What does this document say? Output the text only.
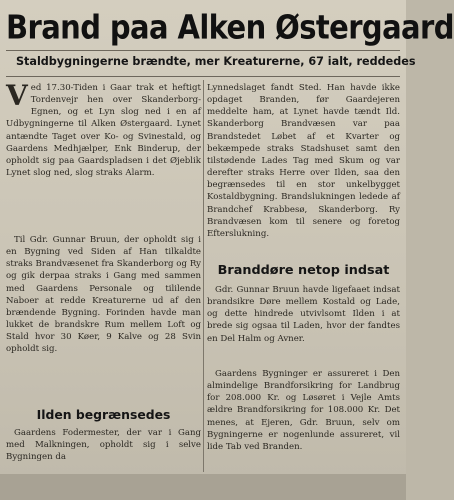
Brand paa Alken Østergaard
Staldbygningerne brændte, mer Kreaturerne, 67 ialt, reddedes

Ved 17.30-Tiden i Gaar trak et heftigt Tordenvejr hen over Skanderborg-Egnen, og et Lyn slog ned i en af Udbygningerne til Alken Østergaard. Lynet antændte Taget over Ko- og Svinestald, og Gaardens Medhjælper, Enk Binderup, der opholdt sig paa Gaardspladsen i det Øjeblik Lynet slog ned, slog straks Alarm.

Til Gdr. Gunnar Bruun, der opholdt sig i en Bygning ved Siden af Han tilkaldte straks Brandvæsenet fra Skanderborg og Ry og gik derpaa straks i Gang med sammen med Gaardens Personale og tililende Naboer at redde Kreaturerne ud af den brændende Bygning. Forinden havde man lukket de brandskre Rum mellem Loft og Stald hvor 30 Køer, 9 Kalve og 28 Svin opholdt sig.

Ilden begrænsedes

Gaardens Fodermester, der var i Gang med Malkningen, opholdt sig i selve Bygningen da

Lynnedslaget fandt Sted. Han havde ikke opdaget Branden, før Gaardejeren meddelte ham, at Lynet havde tændt Ild. Skanderborg Brandvæsen var paa Brandstedet Løbet af et Kvarter og bekæmpede straks Stadshuset samt den tilstødende Lades Tag med Skum og var derefter straks Herre over Ilden, saa den begrænsedes til en stor unkelbygget Kostaldbygning. Brandslukningen ledede af Brandchef Krabbesø, Skanderborg. Ry Brandvæsen kom til senere og foretog Efterslukning.

Branddøre netop indsat

Gdr. Gunnar Bruun havde ligefaaet indsat brandsikre Døre mellem Kostald og Lade, og dette hindrede utvivlsomt Ilden i at brede sig ogsaa til Laden, hvor der fandtes en Del Halm og Avner.

Gaardens Bygninger er assureret i Den almindelige Brandforsikring for Landbrug for 208.000 Kr. og Løsøret i Vejle Amts ældre Brandforsikring for 108.000 Kr. Det menes, at Ejeren, Gdr. Bruun, selv om Bygningerne er nogenlunde assureret, vil lide Tab ved Branden.
